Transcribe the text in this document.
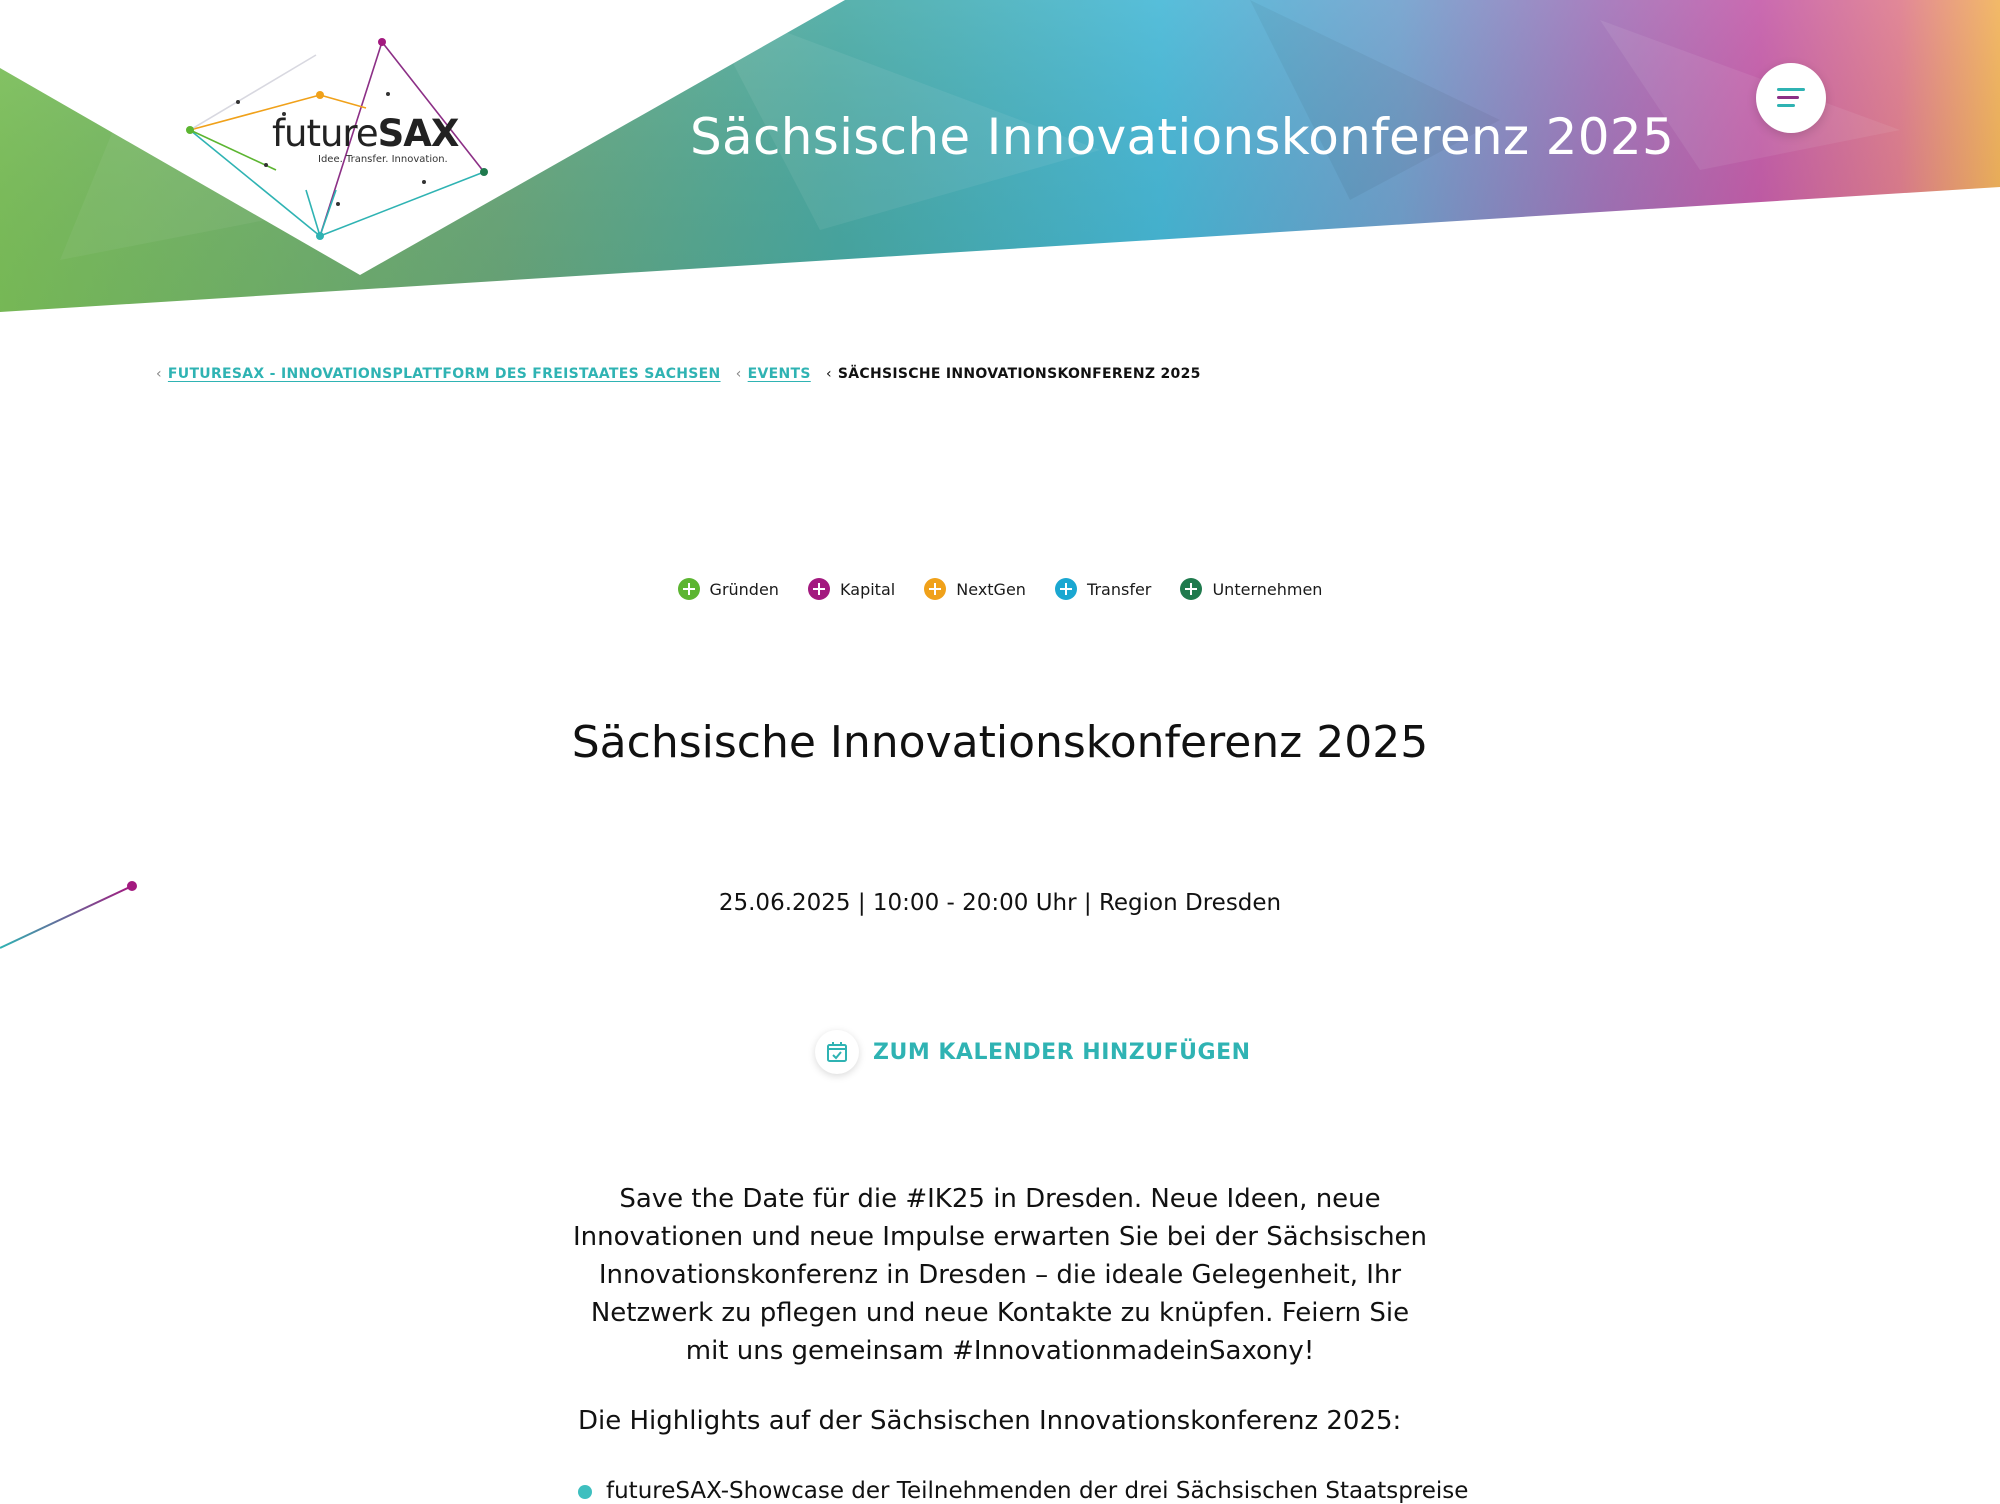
futureSAX
Idee. Transfer. Innovation.	Sächsische Innovationskonferenz 2025
‹ FUTURESAX - INNOVATIONSPLATTFORM DES FREISTAATES SACHSEN ‹ EVENTS ‹ SÄCHSISCHE INNOVATIONSKONFERENZ 2025
Gründen
	Kapital
	NextGen
	Transfer
	Unternehmen
Sächsische Innovationskonferenz 2025
25.06.2025 | 10:00 - 20:00 Uhr | Region Dresden
ZUM KALENDER HINZUFÜGEN

Save the Date für die #IK25 in Dresden. Neue Ideen, neue Innovationen und neue Impulse erwarten Sie bei der Sächsischen Innovationskonferenz in Dresden – die ideale Gelegenheit, Ihr Netzwerk zu pflegen und neue Kontakte zu knüpfen. Feiern Sie mit uns gemeinsam #InnovationmadeinSaxony!

Die Highlights auf der Sächsischen Innovationskonferenz 2025:
futureSAX-Showcase der Teilnehmenden der drei Sächsischen Staatspreise
